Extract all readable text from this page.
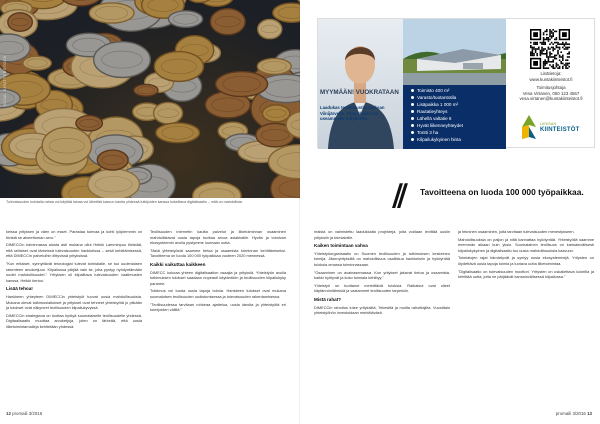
KUVA: SHUTTERSTOCK
Tulevaisuuden kohdalla rahaa voi käyttää lainaa voi lähettää kasvun kautta yhdessä tutkijoiden kanssa kokeiltava digitalisaatio – mitä on mahdollista.

keissa yrityksen ja väen on esset. Parastaa tulevaa ja kohti lyöpiemmin on tiivistä se aineettoman arvo."

DIMECCin toiminnassa alusta asti mukana ollut Heikki Lamminpuu tiivistää, että sellaiset ovat tärkeissä tulevaisuuden hankkeissa – sekä kehittämisessä, että DIMECCin palveluihin liittyvissä yrityksissä.

"Kun erilaiset, synnyttävät teknologiat tulevat toimialalle, se tuo uudenlaisen rakenteen arvoketjuun. Kilpailussa pärjää vain se, joka pystyy hyödyntämään uudet mahdollisuudet." Yrityksen oli kilpailtava tulevaisuuden vaatimusten kanssa, Heikki kertoo.

Lisää tehoa!

Hankkeen yhteyteen DIMECCin yhteistyöt tuovat uusia mahdollisuuksia. Mukana olevat tutkimuslaitokset ja yritykset ovat tehneet yhteistyötä jo pitkään ja tulokset ovat näkyneet teollisuuden kilpailukyvyssä.

DIMECCin strategiana on tuottaa hyötyä suomalaiselle teollisuudelle yhdessä. Digitaalisaatio muuttaa arvoketjuja, joten on tärkeää, että uusia liiketoimintamalleja kehitetään yhdessä.

Teollisuuden internetin kautta palvelut ja liiketoiminnan osaaminen mahdollistavat uusia tapoja tuottaa arvoa asiakkaille. Hyvän ja toimivan ekosysteemin avulla pystymme luomaan uutta.

Tästä yhteistyöstä saamme tietoa ja osaamista toiminnan kehittämiseksi. Tavoitteena on luoda 100 000 työpaikkaa vuoteen 2020 mennessä.

Kaikki vaikuttaa kaikkeen

DIMECC kokoaa yhteen digitalisaation osaajia ja yrityksiä. Yhteistyön avulla tutkimuksen tulokset saadaan nopeasti käytäntöön ja teollisuuden kilpailukyky paranee.

Tutkimus voi tuoda uusia tapoja toimia. Hankkeen tulokset ovat mukana suomalaisen teollisuuden uudistumisessa ja tulevaisuuden rakentamisessa.

"Teollisuudessa tarvitaan rohkeaa ajattelua, uusia ideoita ja yhteistyötä eri toimijoiden välillä."

12 promaili 3/2016
MYYMÄÄN! VUOKRATAAN
Laadukas teollisuustila Lieksan Viinijärvellä. Tilaa yhdelle tai useammalle yritykselle.
Toimisto 400 m²
Varasto/tuotantotila
Lisäpaikka 1 000 m²
Rautatieyhteys
Lähellä valtatie 6
Hyvät liikenneyhteydet
Tontti 3 ha
Kilpailukykyinen hinta
Lisätietoja:
www.kuntakiinteistot.fi
Toimitusjohtaja
Vesa Virtanen, 050 123 4567
vesa.virtanen@kuntakiinteistot.fi
LIEKSAN
KIINTEISTÖT
// Tavoitteena on luoda 100 000 työpaikkaa.

maista on valmistettu laadukkaita projekteja, joita voidaan levittää uusiin yrityksiin ja toimialoille.

Kaiken toimintaan vahva

Yhteistyöorganisaatio on Suomen teollisuuden ja tutkimuksen keskeinen toimija. Jäsenyrityksillä on mahdollisuus osallistua hankkeisiin ja hyödyntää tuloksia omassa toiminnassaan.

"Osaaminen on avainasemassa. Kun yritykset jakavat tietoa ja osaamista, kaikki hyötyvät ja koko toimiala kehittyy."

Yhteistyö on tuottanut merkittäviä tuloksia. Ratkaisut ovat olleet käytännönläheisiä ja vastanneet teollisuuden tarpeisiin.

Mistä rahat?

DIMECCin rahoitus tulee yrityksiltä, Tekesiltä ja muilta rahoittajilta. Vuosittain yhteistyöhön investoidaan merkittävästi.

ja tekninen osaaminen, joita tarvitaan tulevaisuuden menestykseen.

Mahdollisuuksia on paljon ja niitä kannattaa hyödyntää. Yhteistyöllä saamme enemmän aikaan kuin yksin. Suomalainen teollisuus on kansainvälisesti kilpailukykyinen ja digitalisaatio tuo uusia mahdollisuuksia kasvuun.

Toimialojen rajat hämärtyvät ja syntyy uusia ekosysteemejä. Yritysten on löydettävä uusia tapoja toimia ja luotava uutta liiketoimintaa.

"Digitalisaatio on tulevaisuuden moottori. Yritysten on uskallettava kokeilla ja kehittää uutta, jotta ne pärjäävät kansainvälisessä kilpailussa."

promaili 3/2016 13
